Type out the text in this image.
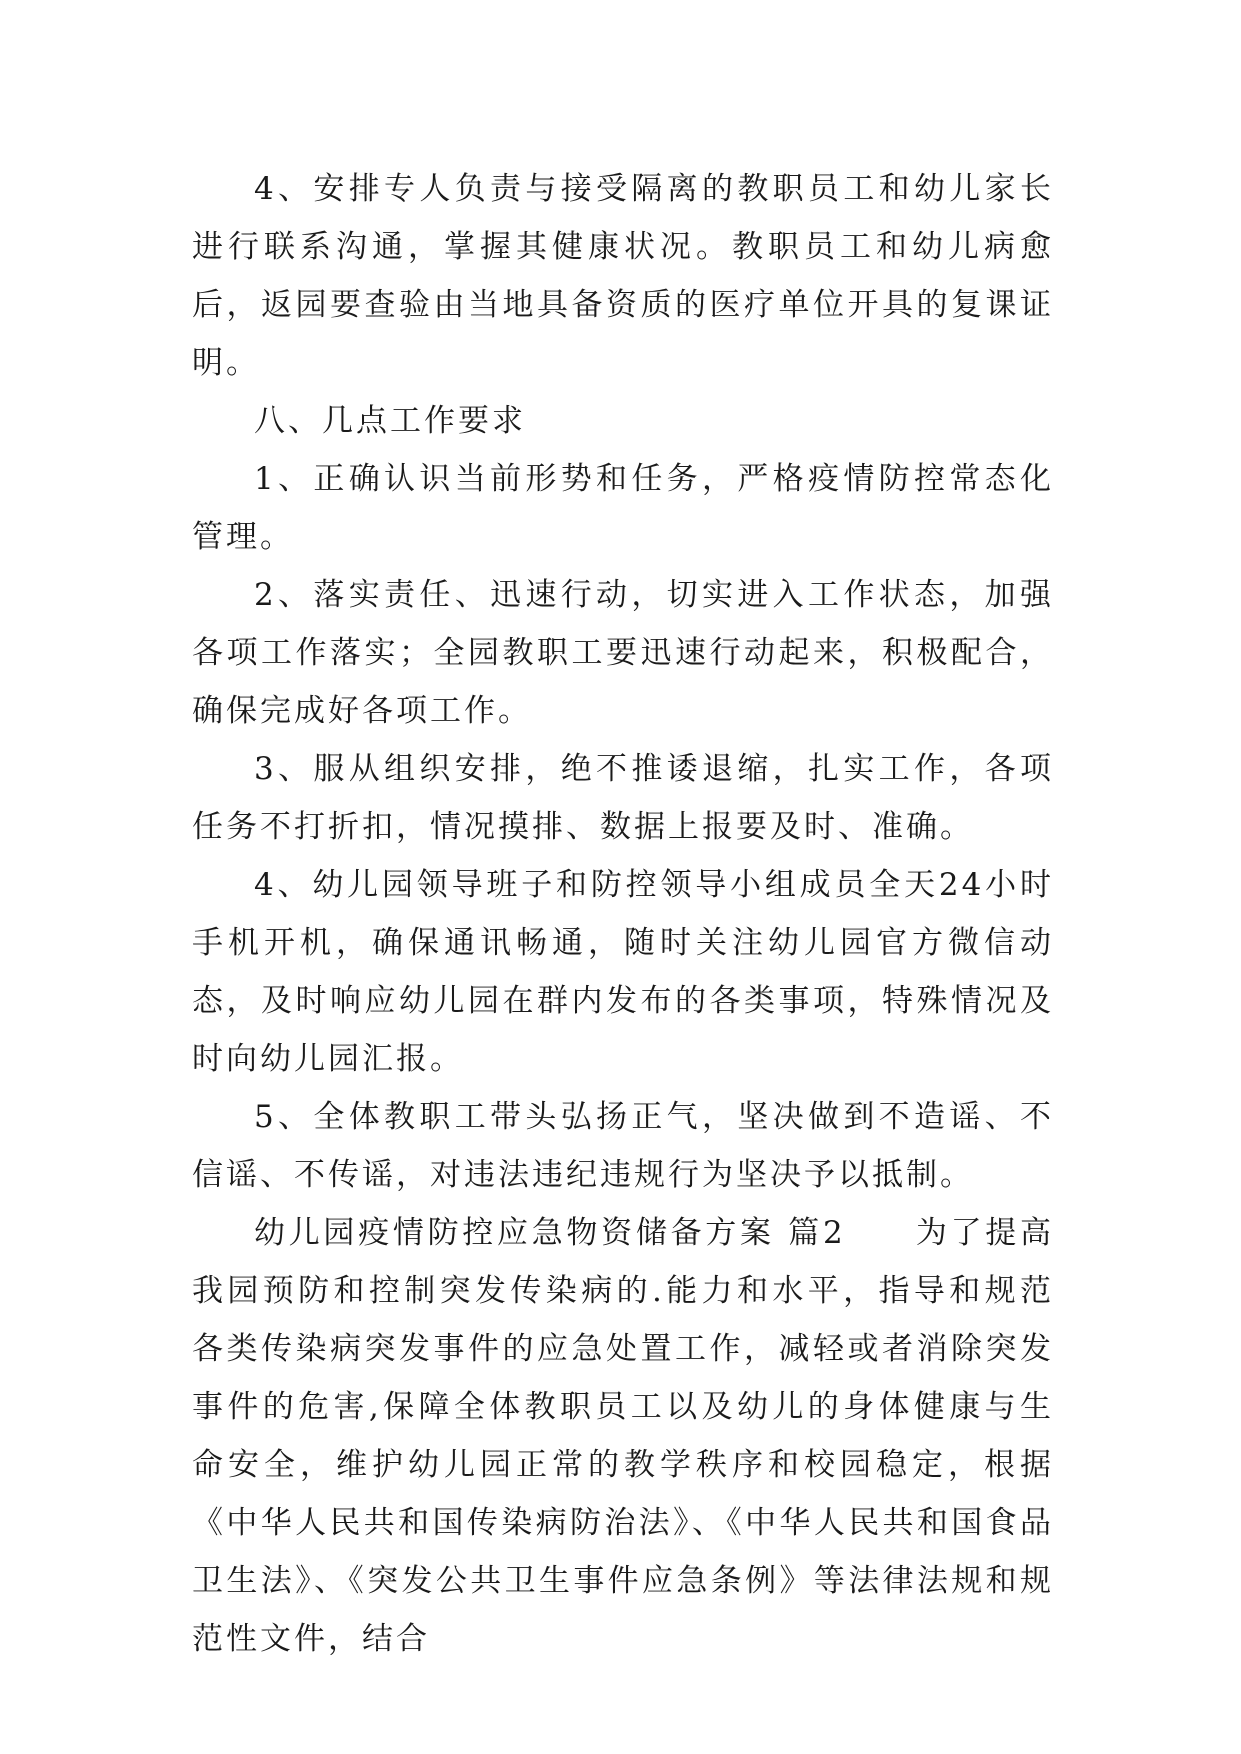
4、安排专人负责与接受隔离的教职员工和幼儿家长进行联系沟通，掌握其健康状况。教职员工和幼儿病愈后，返园要查验由当地具备资质的医疗单位开具的复课证明。

八、几点工作要求

1、正确认识当前形势和任务，严格疫情防控常态化管理。

2、落实责任、迅速行动，切实进入工作状态，加强各项工作落实；全园教职工要迅速行动起来，积极配合，确保完成好各项工作。

3、服从组织安排，绝不推诿退缩，扎实工作，各项任务不打折扣，情况摸排、数据上报要及时、准确。

4、幼儿园领导班子和防控领导小组成员全天24小时手机开机，确保通讯畅通，随时关注幼儿园官方微信动态，及时响应幼儿园在群内发布的各类事项，特殊情况及时向幼儿园汇报。

5、全体教职工带头弘扬正气，坚决做到不造谣、不信谣、不传谣，对违法违纪违规行为坚决予以抵制。

幼儿园疫情防控应急物资储备方案 篇2　　为了提高我园预防和控制突发传染病的.能力和水平，指导和规范各类传染病突发事件的应急处置工作，减轻或者消除突发事件的危害,保障全体教职员工以及幼儿的身体健康与生命安全，维护幼儿园正常的教学秩序和校园稳定，根据《中华人民共和国传染病防治法》、《中华人民共和国食品卫生法》、《突发公共卫生事件应急条例》等法律法规和规范性文件，结合
